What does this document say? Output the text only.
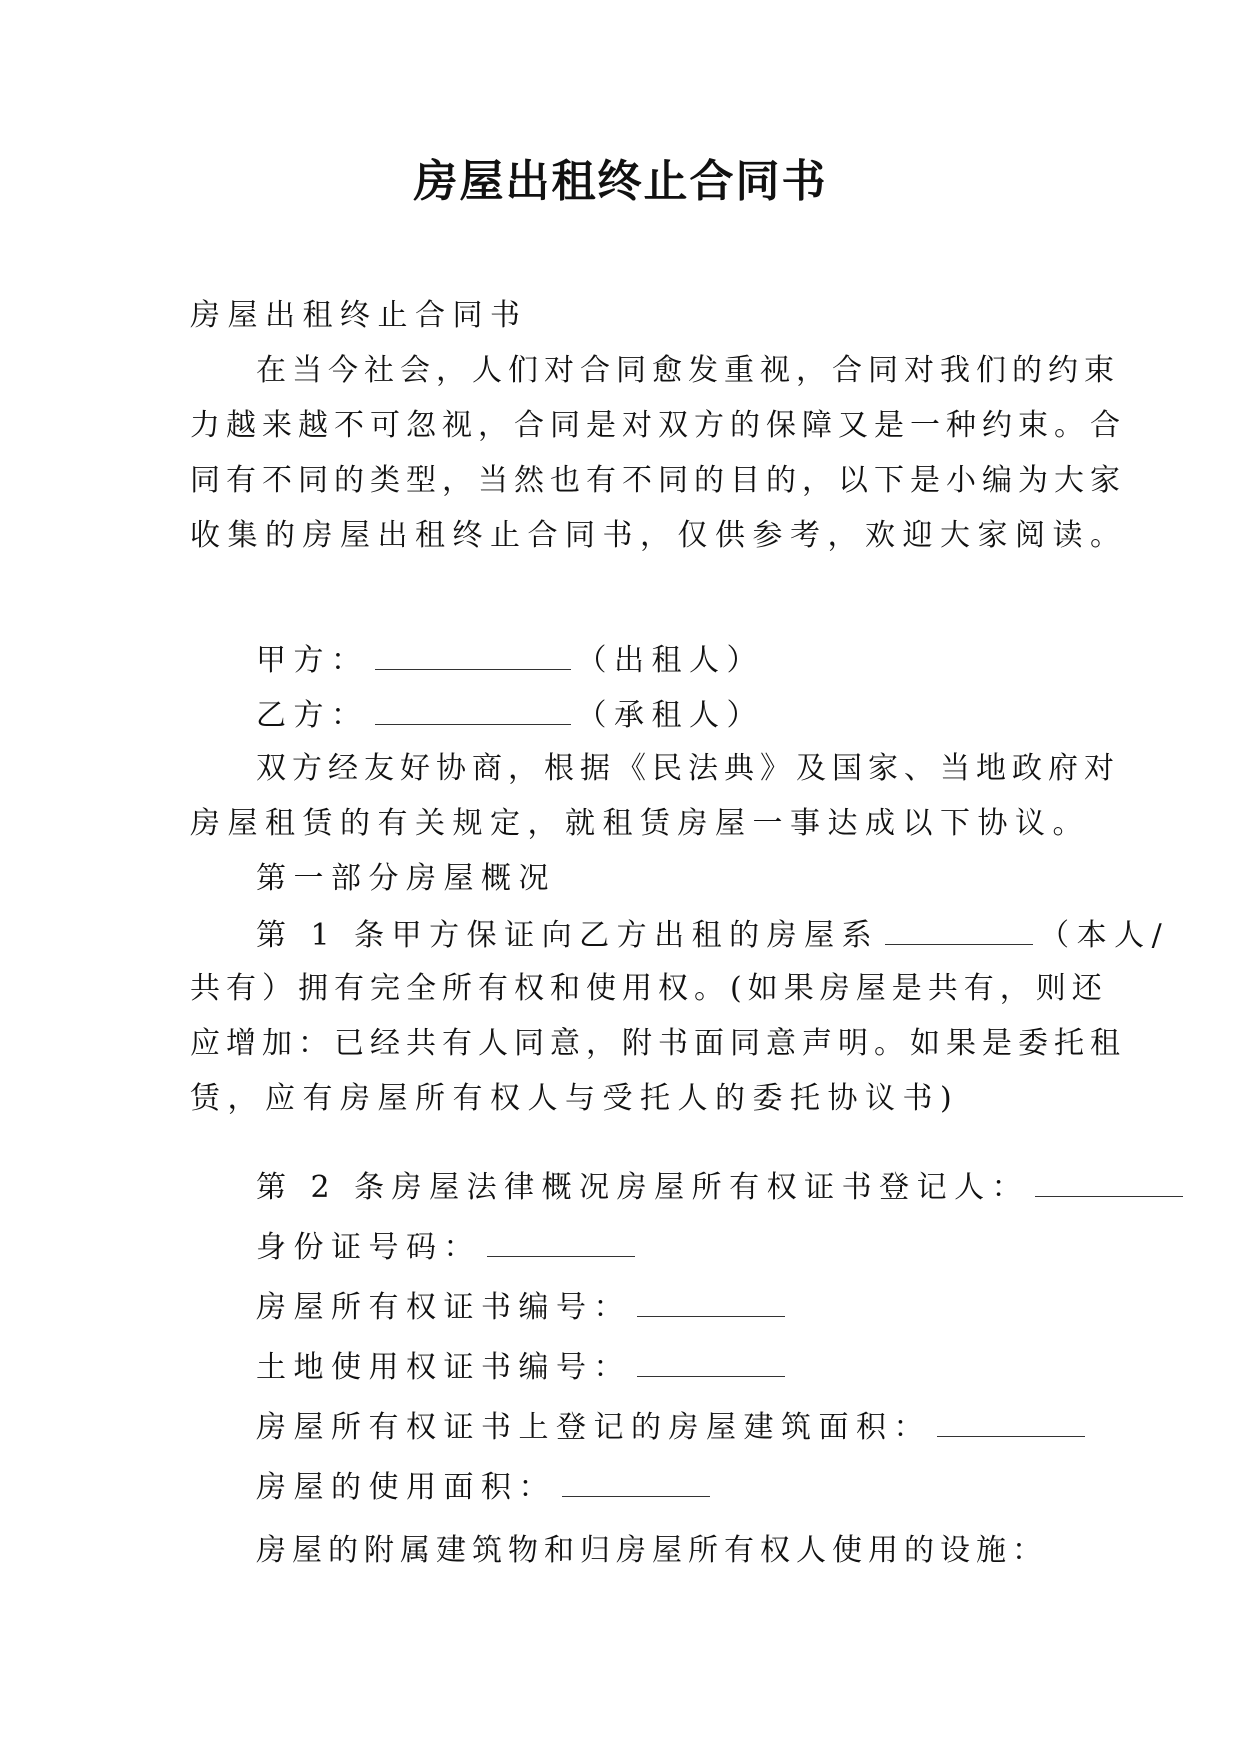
房屋出租终止合同书
房屋出租终止合同书
在当今社会，人们对合同愈发重视，合同对我们的约束
力越来越不可忽视，合同是对双方的保障又是一种约束。合
同有不同的类型，当然也有不同的目的，以下是小编为大家
收集的房屋出租终止合同书，仅供参考，欢迎大家阅读。
甲方：	（出租人）
乙方：	（承租人）
双方经友好协商，根据《民法典》及国家、当地政府对
房屋租赁的有关规定，就租赁房屋一事达成以下协议。
第一部分房屋概况
第 1 条甲方保证向乙方出租的房屋系	（本人/
共有）拥有完全所有权和使用权。(如果房屋是共有，则还
应增加：已经共有人同意，附书面同意声明。如果是委托租
赁，应有房屋所有权人与受托人的委托协议书)
第 2 条房屋法律概况房屋所有权证书登记人：
身份证号码：
房屋所有权证书编号：
土地使用权证书编号：
房屋所有权证书上登记的房屋建筑面积：
房屋的使用面积：
房屋的附属建筑物和归房屋所有权人使用的设施：
